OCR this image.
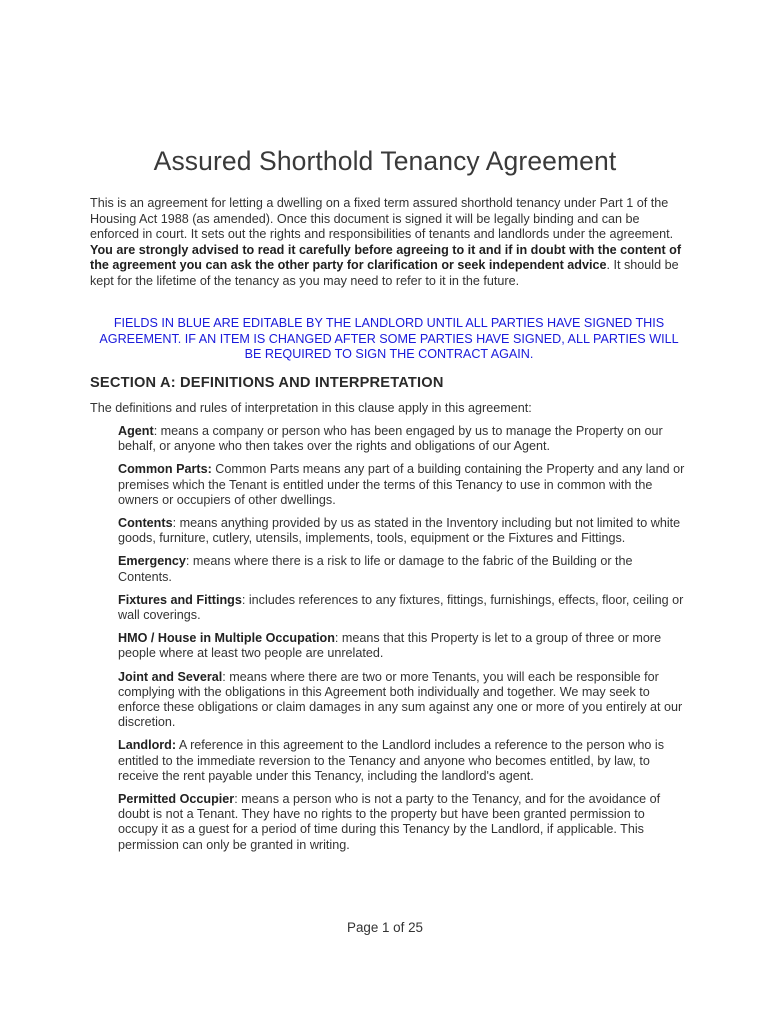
Assured Shorthold Tenancy Agreement

This is an agreement for letting a dwelling on a fixed term assured shorthold tenancy under Part 1 of the Housing Act 1988 (as amended). Once this document is signed it will be legally binding and can be enforced in court. It sets out the rights and responsibilities of tenants and landlords under the agreement. You are strongly advised to read it carefully before agreeing to it and if in doubt with the content of the agreement you can ask the other party for clarification or seek independent advice. It should be kept for the lifetime of the tenancy as you may need to refer to it in the future.

FIELDS IN BLUE ARE EDITABLE BY THE LANDLORD UNTIL ALL PARTIES HAVE SIGNED THIS AGREEMENT. IF AN ITEM IS CHANGED AFTER SOME PARTIES HAVE SIGNED, ALL PARTIES WILL BE REQUIRED TO SIGN THE CONTRACT AGAIN.

SECTION A: DEFINITIONS AND INTERPRETATION

The definitions and rules of interpretation in this clause apply in this agreement:

Agent: means a company or person who has been engaged by us to manage the Property on our behalf, or anyone who then takes over the rights and obligations of our Agent.
Common Parts: Common Parts means any part of a building containing the Property and any land or premises which the Tenant is entitled under the terms of this Tenancy to use in common with the owners or occupiers of other dwellings.
Contents: means anything provided by us as stated in the Inventory including but not limited to white goods, furniture, cutlery, utensils, implements, tools, equipment or the Fixtures and Fittings.
Emergency: means where there is a risk to life or damage to the fabric of the Building or the Contents.
Fixtures and Fittings: includes references to any fixtures, fittings, furnishings, effects, floor, ceiling or wall coverings.
HMO / House in Multiple Occupation: means that this Property is let to a group of three or more people where at least two people are unrelated.
Joint and Several: means where there are two or more Tenants, you will each be responsible for complying with the obligations in this Agreement both individually and together. We may seek to enforce these obligations or claim damages in any sum against any one or more of you entirely at our discretion.
Landlord: A reference in this agreement to the Landlord includes a reference to the person who is entitled to the immediate reversion to the Tenancy and anyone who becomes entitled, by law, to receive the rent payable under this Tenancy, including the landlord's agent.
Permitted Occupier: means a person who is not a party to the Tenancy, and for the avoidance of doubt is not a Tenant. They have no rights to the property but have been granted permission to occupy it as a guest for a period of time during this Tenancy by the Landlord, if applicable. This permission can only be granted in writing.
Page 1 of 25
